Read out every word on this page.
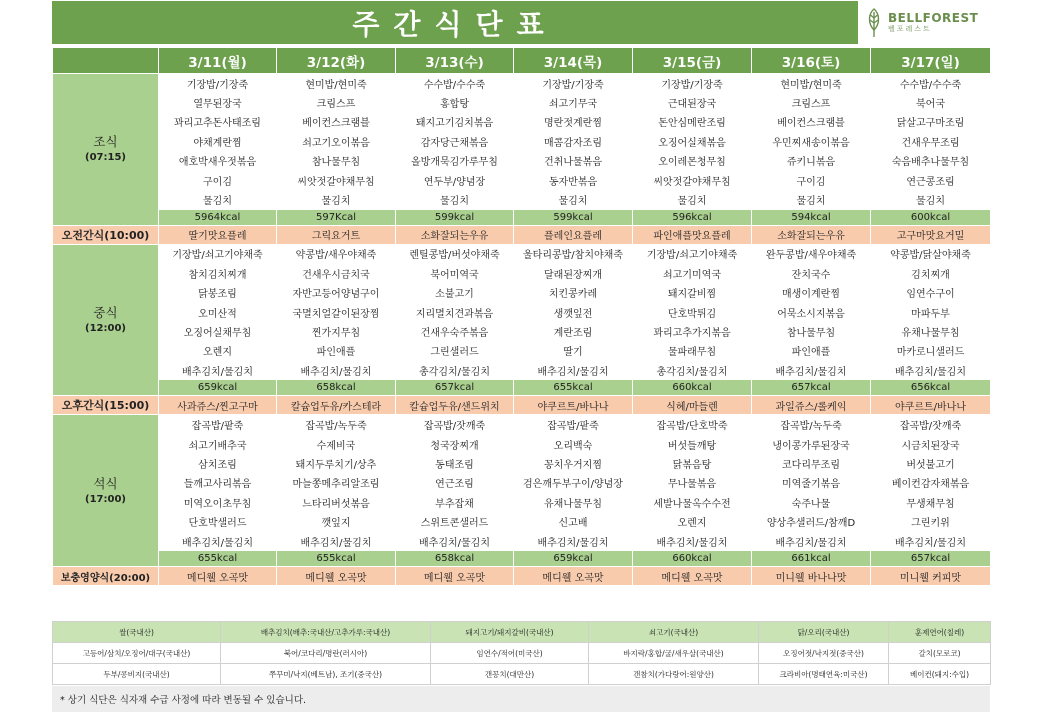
주간식단표	BELLFOREST
벨포레스트
	3/11(월)	3/12(화)	3/13(수)	3/14(목)	3/15(금)	3/16(토)	3/17(일)

조식
(07:15)	기장밥/기장죽	현미밥/현미죽	수수밥/수수죽	기장밥/기장죽	기장밥/기장죽	현미밥/현미죽	수수밥/수수죽
	열무된장국	크림스프	홍합탕	쇠고기무국	근대된장국	크림스프	북어국
	꽈리고추돈사태조림	베이컨스크램블	돼지고기김치볶음	명란젓계란찜	돈안심메란조림	베이컨스크램블	닭살고구마조림
	야채계란찜	쇠고기오이볶음	감자당근채볶음	매콤감자조림	오징어실채볶음	우민찌새송이볶음	건새우무조림
	애호박새우젓볶음	참나물무침	올방개묵김가루무침	건취나물볶음	오이레몬청무침	쥬키니볶음	숙음배추나물무침
	구이김	씨앗젓갈야채무침	연두부/양념장	동자반볶음	씨앗젓갈야채무침	구이김	연근콩조림
	물김치	물김치	물김치	물김치	물김치	물김치	물김치
	5964kcal	597Kcal	599kcal	599kcal	596kcal	594kcal	600kcal
오전간식(10:00)	딸기맛요플레	그릭요거트	소화잘되는우유	플레인요플레	파인애플맛요플레	소화잘되는우유	고구마맛요거밀

중식
(12:00)	기장밥/쇠고기야채죽	약콩밥/새우야채죽	렌틸콩밥/버섯야채죽	울타리콩밥/참치야채죽	기장밥/쇠고기야채죽	완두콩밥/새우야채죽	약콩밥/닭살야채죽
	참치김치찌개	건새우시금치국	북어미역국	달래된장찌개	쇠고기미역국	잔치국수	김치찌개
	닭봉조림	자반고등어양념구이	소불고기	치킨콩카레	돼지갈비찜	매생이계란찜	임연수구이
	오미산적	국멸치얼갈이된장찜	지리멸치견과볶음	생깻잎전	단호박튀김	어묵소시지볶음	마파두부
	오징어실채무침	찐가지무침	건새우숙주볶음	계란조림	꽈리고추가지볶음	참나물무침	유채나물무침
	오렌지	파인애플	그린샐러드	딸기	물파래무침	파인애플	마카로니샐러드
	배추김치/물김치	배추김치/물김치	총각김치/물김치	배추김치/물김치	총각김치/물김치	배추김치/물김치	배추김치/물김치
	659kcal	658kcal	657kcal	655kcal	660kcal	657kcal	656kcal
오후간식(15:00)	사과쥬스/찐고구마	칼슘업두유/카스테라	칼슘업두유/샌드위치	야쿠르트/바나나	식혜/마들렌	과일쥬스/롤케익	야쿠르트/바나나

석식
(17:00)	잡곡밥/팥죽	잡곡밥/녹두죽	잡곡밥/잣깨죽	잡곡밥/팥죽	잡곡밥/단호박죽	잡곡밥/녹두죽	잡곡밥/잣깨죽
	쇠고기배추국	수제비국	청국장찌개	오리백숙	버섯들깨탕	냉이콩가루된장국	시금치된장국
	삼치조림	돼지두루치기/상추	동태조림	꽁치우거지찜	닭볶음탕	코다리무조림	버섯불고기
	들깨고사리볶음	마늘쫑메추리알조림	연근조림	검은깨두부구이/양념장	무나물볶음	미역줄기볶음	베이컨감자채볶음
	미역오이초무침	느타리버섯볶음	부추잡채	유채나물무침	세발나물옥수수전	숙주나물	무생채무침
	단호박샐러드	깻잎지	스위트콘샐러드	신고배	오렌지	양상추샐러드/참깨D	그린키위
	배추김치/물김치	배추김치/물김치	배추김치/물김치	배추김치/물김치	배추김치/물김치	배추김치/물김치	배추김치/물김치
	655kcal	655kcal	658kcal	659kcal	660kcal	661kcal	657kcal
보충영양식(20:00)	메디웰 오곡맛	메디웰 오곡맛	메디웰 오곡맛	메디웰 오곡맛	메디웰 오곡맛	미니웰 바나나맛	미니웰 커피맛
쌀(국내산)	배추김치(배추:국내산/고추가루:국내산)	돼지고기/돼지갈비(국내산)	쇠고기(국내산)	닭/오리(국내산)	훈제연어(칠레)
고등어/삼치/오징어/대구(국내산)	북어/코다리/명란(러시아)	임연수/적어(미국산)	바지락/홍합/굴/새우살(국내산)	오징어젓/낙지젓(중국산)	갈치(모로코)
두부/콩비지(국내산)	쭈꾸미/낙지(베트남), 조기(중국산)	갠꽁치(대만산)	갠참치(가다랑어:원양산)	크라비아(명태연육:미국산)	베이컨(돼지:수입)
* 상기 식단은 식자재 수급 사정에 따라 변동될 수 있습니다.
